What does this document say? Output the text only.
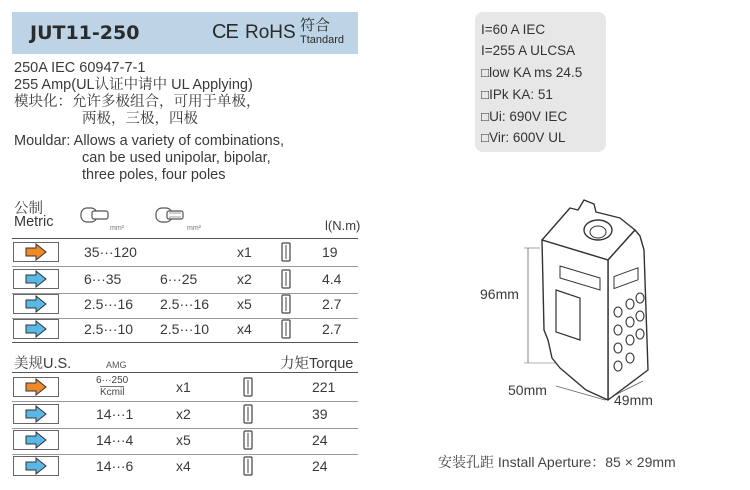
JUT11-250	CE RoHS 符合
Ttandard
250A IEC 60947-7-1
255 Amp(UL认证中请中 UL Applying)
模块化：允许多极组合，可用于单极，
两极，三极，四极
Mouldar: Allows a variety of combinations,
can be used unipolar, bipolar,
three poles, four poles
公制
Metric	mm²	mm²	l(N.m)
35···120	x1	19
6···35	6···25	x2	4.4
2.5···16 2.5···16 x5	2.7
2.5···10 2.5···10 x4	2.7
美规U.S.	AMG	力矩Torque
6···250
Kcmil	x1	221
14···1	x2	39
14···4	x5	24
14···6	x4	24
I=60 A IEC
I=255 A ULCSA
□low KA ms 24.5
□IPk KA: 51
□Ui: 690V IEC
□Vir: 600V UL
96mm
50mm
49mm
安装孔距 Install Aperture：85 × 29mm
